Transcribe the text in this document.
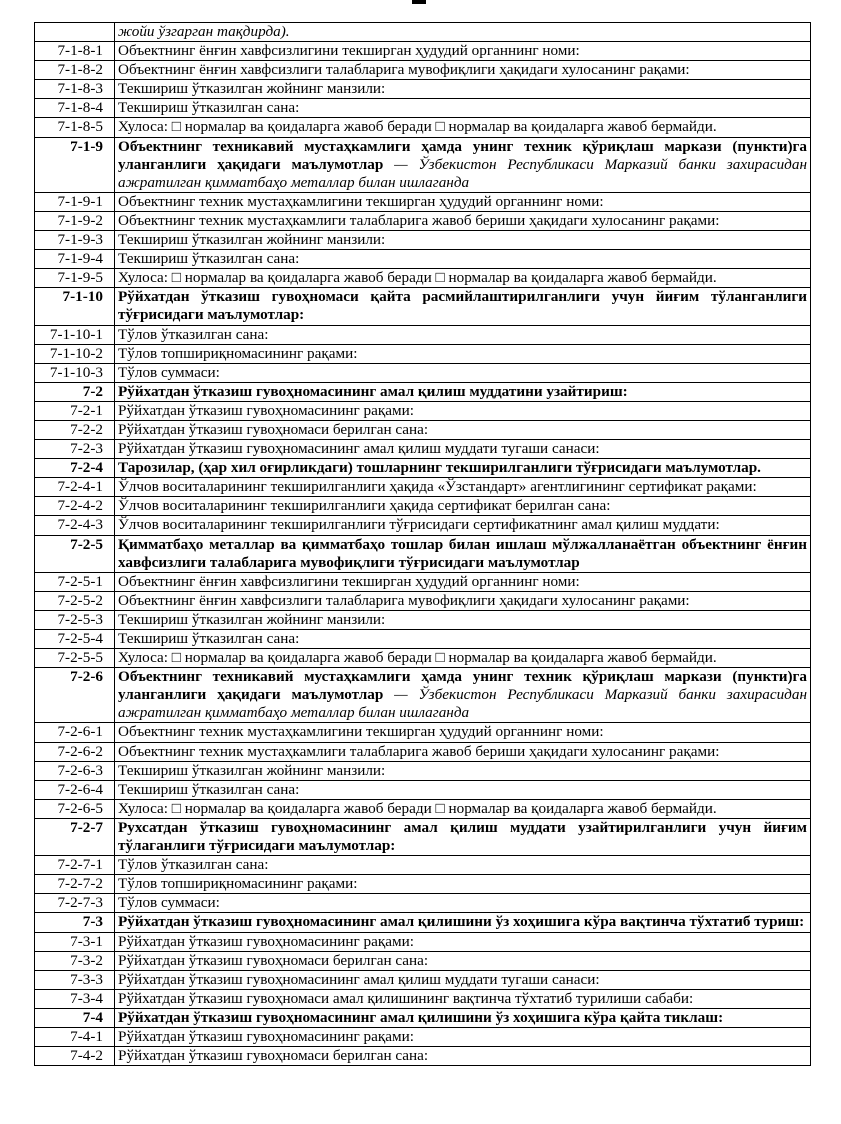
	жойи ўзгарган тақдирда).
7-1-8-1	Объектнинг ёнғин хавфсизлигини текширган ҳудудий органнинг номи:
7-1-8-2	Объектнинг ёнғин хавфсизлиги талабларига мувофиқлиги ҳақидаги хулосанинг рақами:
7-1-8-3	Текшириш ўтказилган жойнинг манзили:
7-1-8-4	Текшириш ўтказилган сана:
7-1-8-5	Хулоса: □ нормалар ва қоидаларга жавоб беради □ нормалар ва қоидаларга жавоб бермайди.
7-1-9	Объектнинг техникавий мустаҳкамлиги ҳамда унинг техник қўриқлаш маркази (пункти)га уланганлиги ҳақидаги маълумотлар — Ўзбекистон Республикаси Марказий банки захирасидан ажратилган қимматбаҳо металлар билан ишлаганда
7-1-9-1	Объектнинг техник мустаҳкамлигини текширган ҳудудий органнинг номи:
7-1-9-2	Объектнинг техник мустаҳкамлиги талабларига жавоб бериши ҳақидаги хулосанинг рақами:
7-1-9-3	Текшириш ўтказилган жойнинг манзили:
7-1-9-4	Текшириш ўтказилган сана:
7-1-9-5	Хулоса: □ нормалар ва қоидаларга жавоб беради □ нормалар ва қоидаларга жавоб бермайди.
7-1-10	Рўйхатдан ўтказиш гувоҳномаси қайта расмийлаштирилганлиги учун йиғим тўланганлиги тўғрисидаги маълумотлар:
7-1-10-1	Тўлов ўтказилган сана:
7-1-10-2	Тўлов топшириқномасининг рақами:
7-1-10-3	Тўлов суммаси:
7-2	Рўйхатдан ўтказиш гувоҳномасининг амал қилиш муддатини узайтириш:
7-2-1	Рўйхатдан ўтказиш гувоҳномасининг рақами:
7-2-2	Рўйхатдан ўтказиш гувоҳномаси берилган сана:
7-2-3	Рўйхатдан ўтказиш гувоҳномасининг амал қилиш муддати тугаши санаси:
7-2-4	Тарозилар, (ҳар хил оғирликдаги) тошларнинг текширилганлиги тўғрисидаги маълумотлар.
7-2-4-1	Ўлчов воситаларининг текширилганлиги ҳақида «Ўзстандарт» агентлигининг сертификат рақами:
7-2-4-2	Ўлчов воситаларининг текширилганлиги ҳақида сертификат берилган сана:
7-2-4-3	Ўлчов воситаларининг текширилганлиги тўғрисидаги сертификатнинг амал қилиш муддати:
7-2-5	Қимматбаҳо металлар ва қимматбаҳо тошлар билан ишлаш мўлжалланаётган объектнинг ёнғин хавфсизлиги талабларига мувофиқлиги тўғрисидаги маълумотлар
7-2-5-1	Объектнинг ёнғин хавфсизлигини текширган ҳудудий органнинг номи:
7-2-5-2	Объектнинг ёнғин хавфсизлиги талабларига мувофиқлиги ҳақидаги хулосанинг рақами:
7-2-5-3	Текшириш ўтказилган жойнинг манзили:
7-2-5-4	Текшириш ўтказилган сана:
7-2-5-5	Хулоса: □ нормалар ва қоидаларга жавоб беради □ нормалар ва қоидаларга жавоб бермайди.
7-2-6	Объектнинг техникавий мустаҳкамлиги ҳамда унинг техник қўриқлаш маркази (пункти)га уланганлиги ҳақидаги маълумотлар — Ўзбекистон Республикаси Марказий банки захирасидан ажратилган қимматбаҳо металлар билан ишлаганда
7-2-6-1	Объектнинг техник мустаҳкамлигини текширган ҳудудий органнинг номи:
7-2-6-2	Объектнинг техник мустаҳкамлиги талабларига жавоб бериши ҳақидаги хулосанинг рақами:
7-2-6-3	Текшириш ўтказилган жойнинг манзили:
7-2-6-4	Текшириш ўтказилган сана:
7-2-6-5	Хулоса: □ нормалар ва қоидаларга жавоб беради □ нормалар ва қоидаларга жавоб бермайди.
7-2-7	Рухсатдан ўтказиш гувоҳномасининг амал қилиш муддати узайтирилганлиги учун йиғим тўлаганлиги тўғрисидаги маълумотлар:
7-2-7-1	Тўлов ўтказилган сана:
7-2-7-2	Тўлов топшириқномасининг рақами:
7-2-7-3	Тўлов суммаси:
7-3	Рўйхатдан ўтказиш гувоҳномасининг амал қилишини ўз хоҳишига кўра вақтинча тўхтатиб туриш:
7-3-1	Рўйхатдан ўтказиш гувоҳномасининг рақами:
7-3-2	Рўйхатдан ўтказиш гувоҳномаси берилган сана:
7-3-3	Рўйхатдан ўтказиш гувоҳномасининг амал қилиш муддати тугаши санаси:
7-3-4	Рўйхатдан ўтказиш гувоҳномаси амал қилишининг вақтинча тўхтатиб турилиши сабаби:
7-4	Рўйхатдан ўтказиш гувоҳномасининг амал қилишини ўз хоҳишига кўра қайта тиклаш:
7-4-1	Рўйхатдан ўтказиш гувоҳномасининг рақами:
7-4-2	Рўйхатдан ўтказиш гувоҳномаси берилган сана:
